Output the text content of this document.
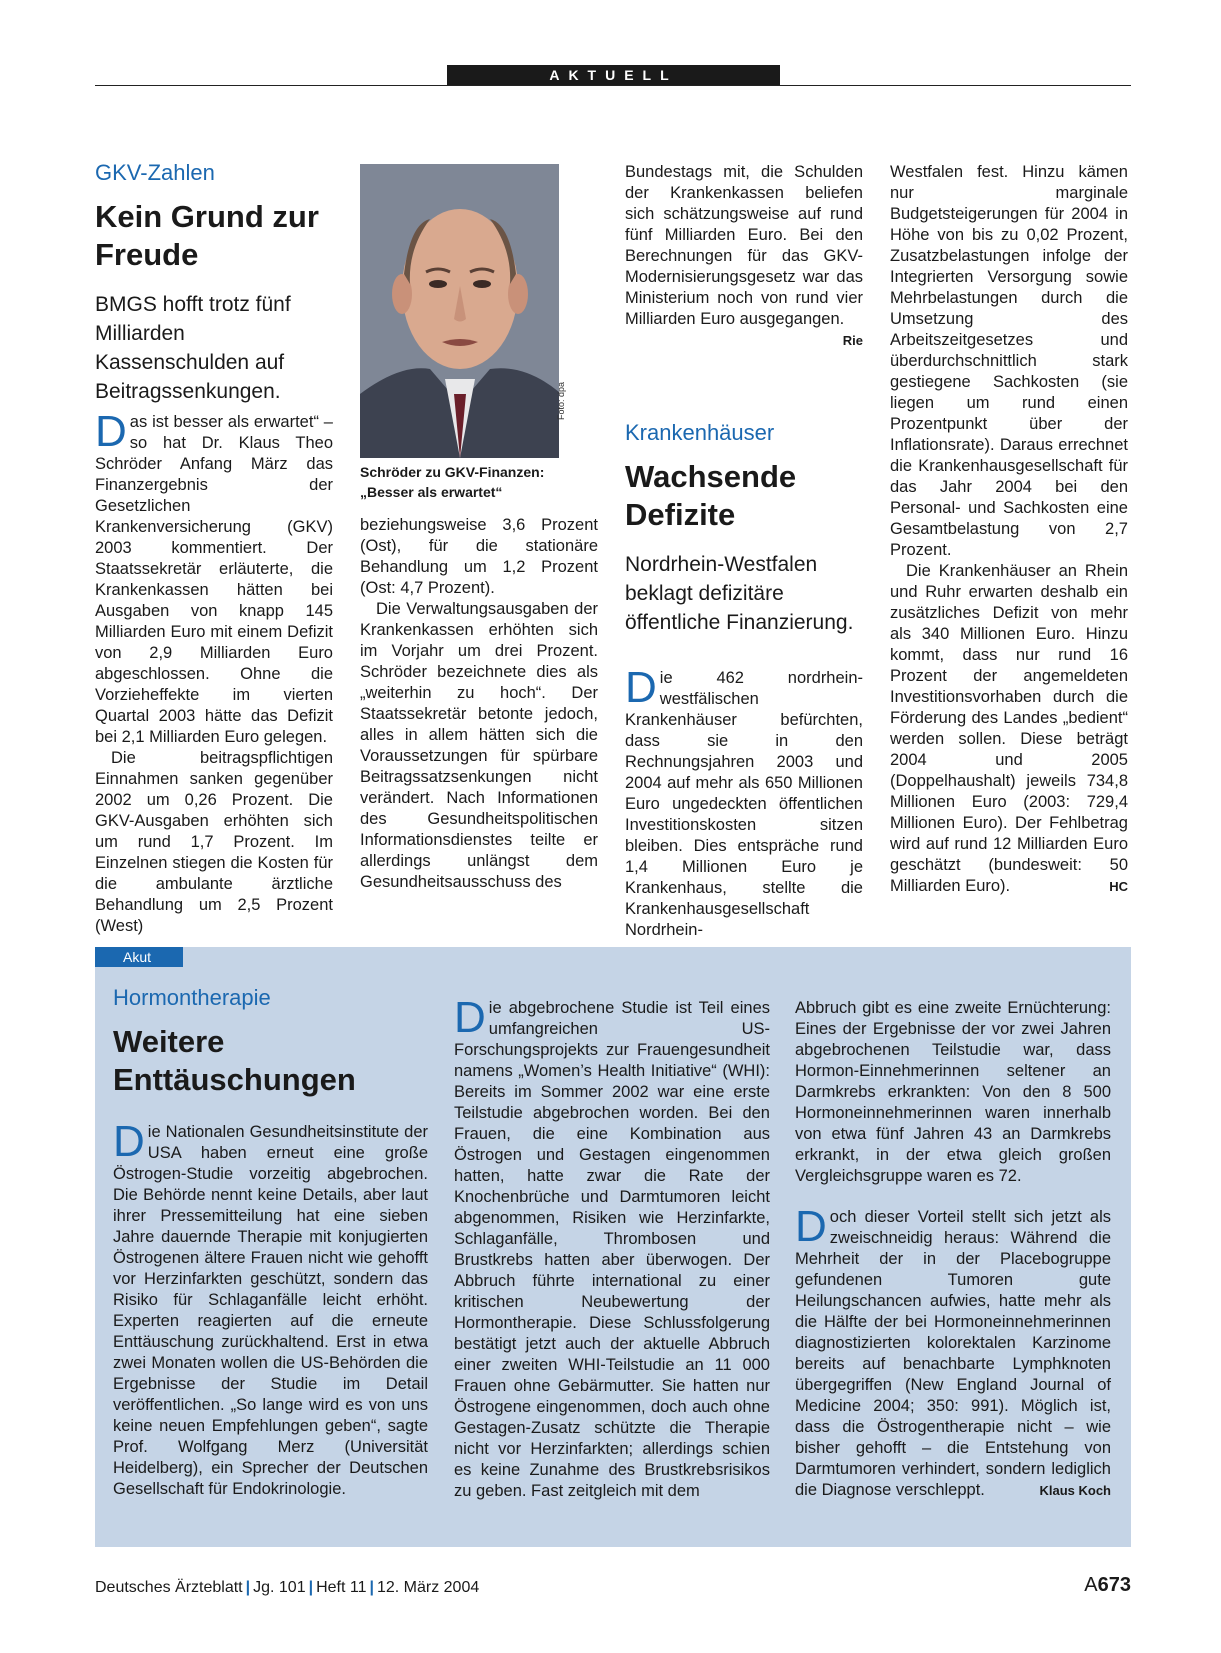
AKTUELL
GKV-Zahlen
Kein Grund zur Freude
BMGS hofft trotz fünf Milliarden Kassenschulden auf Beitragssenkungen.

Das ist besser als erwartet“ – so hat Dr. Klaus Theo Schröder Anfang März das Finanzergebnis der Gesetzlichen Krankenversicherung (GKV) 2003 kommentiert. Der Staatssekretär erläuterte, die Krankenkassen hätten bei Ausgaben von knapp 145 Milliarden Euro mit einem Defizit von 2,9 Milliarden Euro abgeschlossen. Ohne die Vorzieheffekte im vierten Quartal 2003 hätte das Defizit bei 2,1 Milliarden Euro gelegen.

Die beitragspflichtigen Einnahmen sanken gegenüber 2002 um 0,26 Prozent. Die GKV-Ausgaben erhöhten sich um rund 1,7 Prozent. Im Einzelnen stiegen die Kosten für die ambulante ärztliche Behandlung um 2,5 Prozent (West)

Foto: dpa
Schröder zu GKV-Finanzen: „Besser als erwartet“

beziehungsweise 3,6 Prozent (Ost), für die stationäre Behandlung um 1,2 Prozent (Ost: 4,7 Prozent).

Die Verwaltungsausgaben der Krankenkassen erhöhten sich im Vorjahr um drei Prozent. Schröder bezeichnete dies als „weiterhin zu hoch“. Der Staatssekretär betonte jedoch, alles in allem hätten sich die Voraussetzungen für spürbare Beitragssatzsenkungen nicht verändert. Nach Informationen des Gesundheitspolitischen Informationsdienstes teilte er allerdings unlängst dem Gesundheitsausschuss des

Bundestags mit, die Schulden der Krankenkassen beliefen sich schätzungsweise auf rund fünf Milliarden Euro. Bei den Berechnungen für das GKV-Modernisierungsgesetz war das Ministerium noch von rund vier Milliarden Euro ausgegangen.
Rie

Krankenhäuser
Wachsende Defizite
Nordrhein-Westfalen beklagt defizitäre öffentliche Finanzierung.

Die 462 nordrhein-westfälischen Krankenhäuser befürchten, dass sie in den Rechnungsjahren 2003 und 2004 auf mehr als 650 Millionen Euro ungedeckten öffentlichen Investitionskosten sitzen bleiben. Dies entspräche rund 1,4 Millionen Euro je Krankenhaus, stellte die Krankenhausgesellschaft Nordrhein-

Westfalen fest. Hinzu kämen nur marginale Budgetsteigerungen für 2004 in Höhe von bis zu 0,02 Prozent, Zusatzbelastungen infolge der Integrierten Versorgung sowie Mehrbelastungen durch die Umsetzung des Arbeitszeitgesetzes und überdurchschnittlich stark gestiegene Sachkosten (sie liegen um rund einen Prozentpunkt über der Inflationsrate). Daraus errechnet die Krankenhausgesellschaft für das Jahr 2004 bei den Personal- und Sachkosten eine Gesamtbelastung von 2,7 Prozent.

Die Krankenhäuser an Rhein und Ruhr erwarten deshalb ein zusätzliches Defizit von mehr als 340 Millionen Euro. Hinzu kommt, dass nur rund 16 Prozent der angemeldeten Investitionsvorhaben durch die Förderung des Landes „bedient“ werden sollen. Diese beträgt 2004 und 2005 (Doppelhaushalt) jeweils 734,8 Millionen Euro (2003: 729,4 Millionen Euro). Der Fehlbetrag wird auf rund 12 Milliarden Euro geschätzt (bundesweit: 50 Milliarden Euro).	HC

Akut
Hormontherapie
Weitere Enttäuschungen

Die Nationalen Gesundheitsinstitute der USA haben erneut eine große Östrogen-Studie vorzeitig abgebrochen. Die Behörde nennt keine Details, aber laut ihrer Pressemitteilung hat eine sieben Jahre dauernde Therapie mit konjugierten Östrogenen ältere Frauen nicht wie gehofft vor Herzinfarkten geschützt, sondern das Risiko für Schlaganfälle leicht erhöht. Experten reagierten auf die erneute Enttäuschung zurückhaltend. Erst in etwa zwei Monaten wollen die US-Behörden die Ergebnisse der Studie im Detail veröffentlichen. „So lange wird es von uns keine neuen Empfehlungen geben“, sagte Prof. Wolfgang Merz (Universität Heidelberg), ein Sprecher der Deutschen Gesellschaft für Endokrinologie.

Die abgebrochene Studie ist Teil eines umfangreichen US-Forschungsprojekts zur Frauengesundheit namens „Women’s Health Initiative“ (WHI): Bereits im Sommer 2002 war eine erste Teilstudie abgebrochen worden. Bei den Frauen, die eine Kombination aus Östrogen und Gestagen eingenommen hatten, hatte zwar die Rate der Knochenbrüche und Darmtumoren leicht abgenommen, Risiken wie Herzinfarkte, Schlaganfälle, Thrombosen und Brustkrebs hatten aber überwogen. Der Abbruch führte international zu einer kritischen Neubewertung der Hormontherapie. Diese Schlussfolgerung bestätigt jetzt auch der aktuelle Abbruch einer zweiten WHI-Teilstudie an 11 000 Frauen ohne Gebärmutter. Sie hatten nur Östrogene eingenommen, doch auch ohne Gestagen-Zusatz schützte die Therapie nicht vor Herzinfarkten; allerdings schien es keine Zunahme des Brustkrebsrisikos zu geben. Fast zeitgleich mit dem

Abbruch gibt es eine zweite Ernüchterung: Eines der Ergebnisse der vor zwei Jahren abgebrochenen Teilstudie war, dass Hormon-Einnehmerinnen seltener an Darmkrebs erkrankten: Von den 8 500 Hormoneinnehmerinnen waren innerhalb von etwa fünf Jahren 43 an Darmkrebs erkrankt, in der etwa gleich großen Vergleichsgruppe waren es 72.

Doch dieser Vorteil stellt sich jetzt als zweischneidig heraus: Während die Mehrheit der in der Placebogruppe gefundenen Tumoren gute Heilungschancen aufwies, hatte mehr als die Hälfte der bei Hormoneinnehmerinnen diagnostizierten kolorektalen Karzinome bereits auf benachbarte Lymphknoten übergegriffen (New England Journal of Medicine 2004; 350: 991). Möglich ist, dass die Östrogentherapie nicht – wie bisher gehofft – die Entstehung von Darmtumoren verhindert, sondern lediglich die Diagnose verschleppt.	Klaus Koch

Deutsches Ärzteblatt | Jg. 101 | Heft 11 | 12. März 2004	A673
